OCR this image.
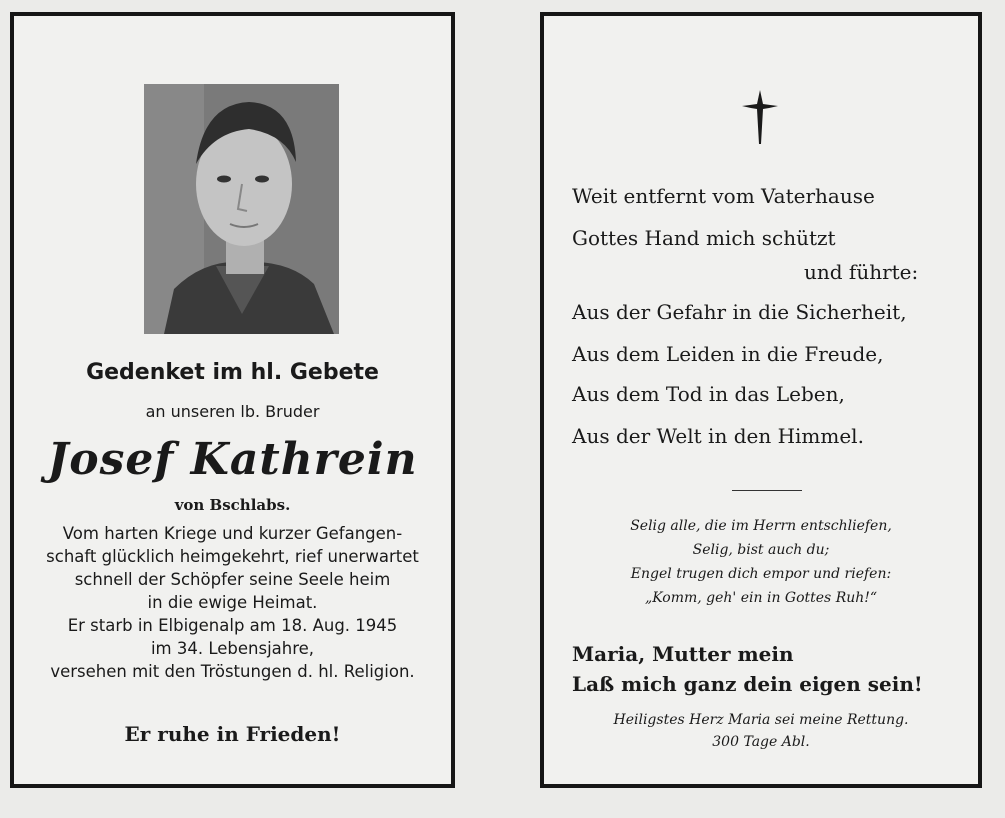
Gedenket im hl. Gebete

an unseren lb. Bruder

Josef Kathrein

von Bschlabs.

Vom harten Kriege und kurzer Gefangen-
schaft glücklich heimgekehrt, rief unerwartet
schnell der Schöpfer seine Seele heim
in die ewige Heimat.
Er starb in Elbigenalp am 18. Aug. 1945
im 34. Lebensjahre,
versehen mit den Tröstungen d. hl. Religion.

Er ruhe in Frieden!

Weit entfernt vom Vaterhause

Gottes Hand mich schützt

und führte:

Aus der Gefahr in die Sicherheit,

Aus dem Leiden in die Freude,

Aus dem Tod in das Leben,

Aus der Welt in den Himmel.

Selig alle, die im Herrn entschliefen,

Selig, bist auch du;

Engel trugen dich empor und riefen:

„Komm, geh' ein in Gottes Ruh!“

Maria, Mutter mein

Laß mich ganz dein eigen sein!

Heiligstes Herz Maria sei meine Rettung.

300 Tage Abl.
